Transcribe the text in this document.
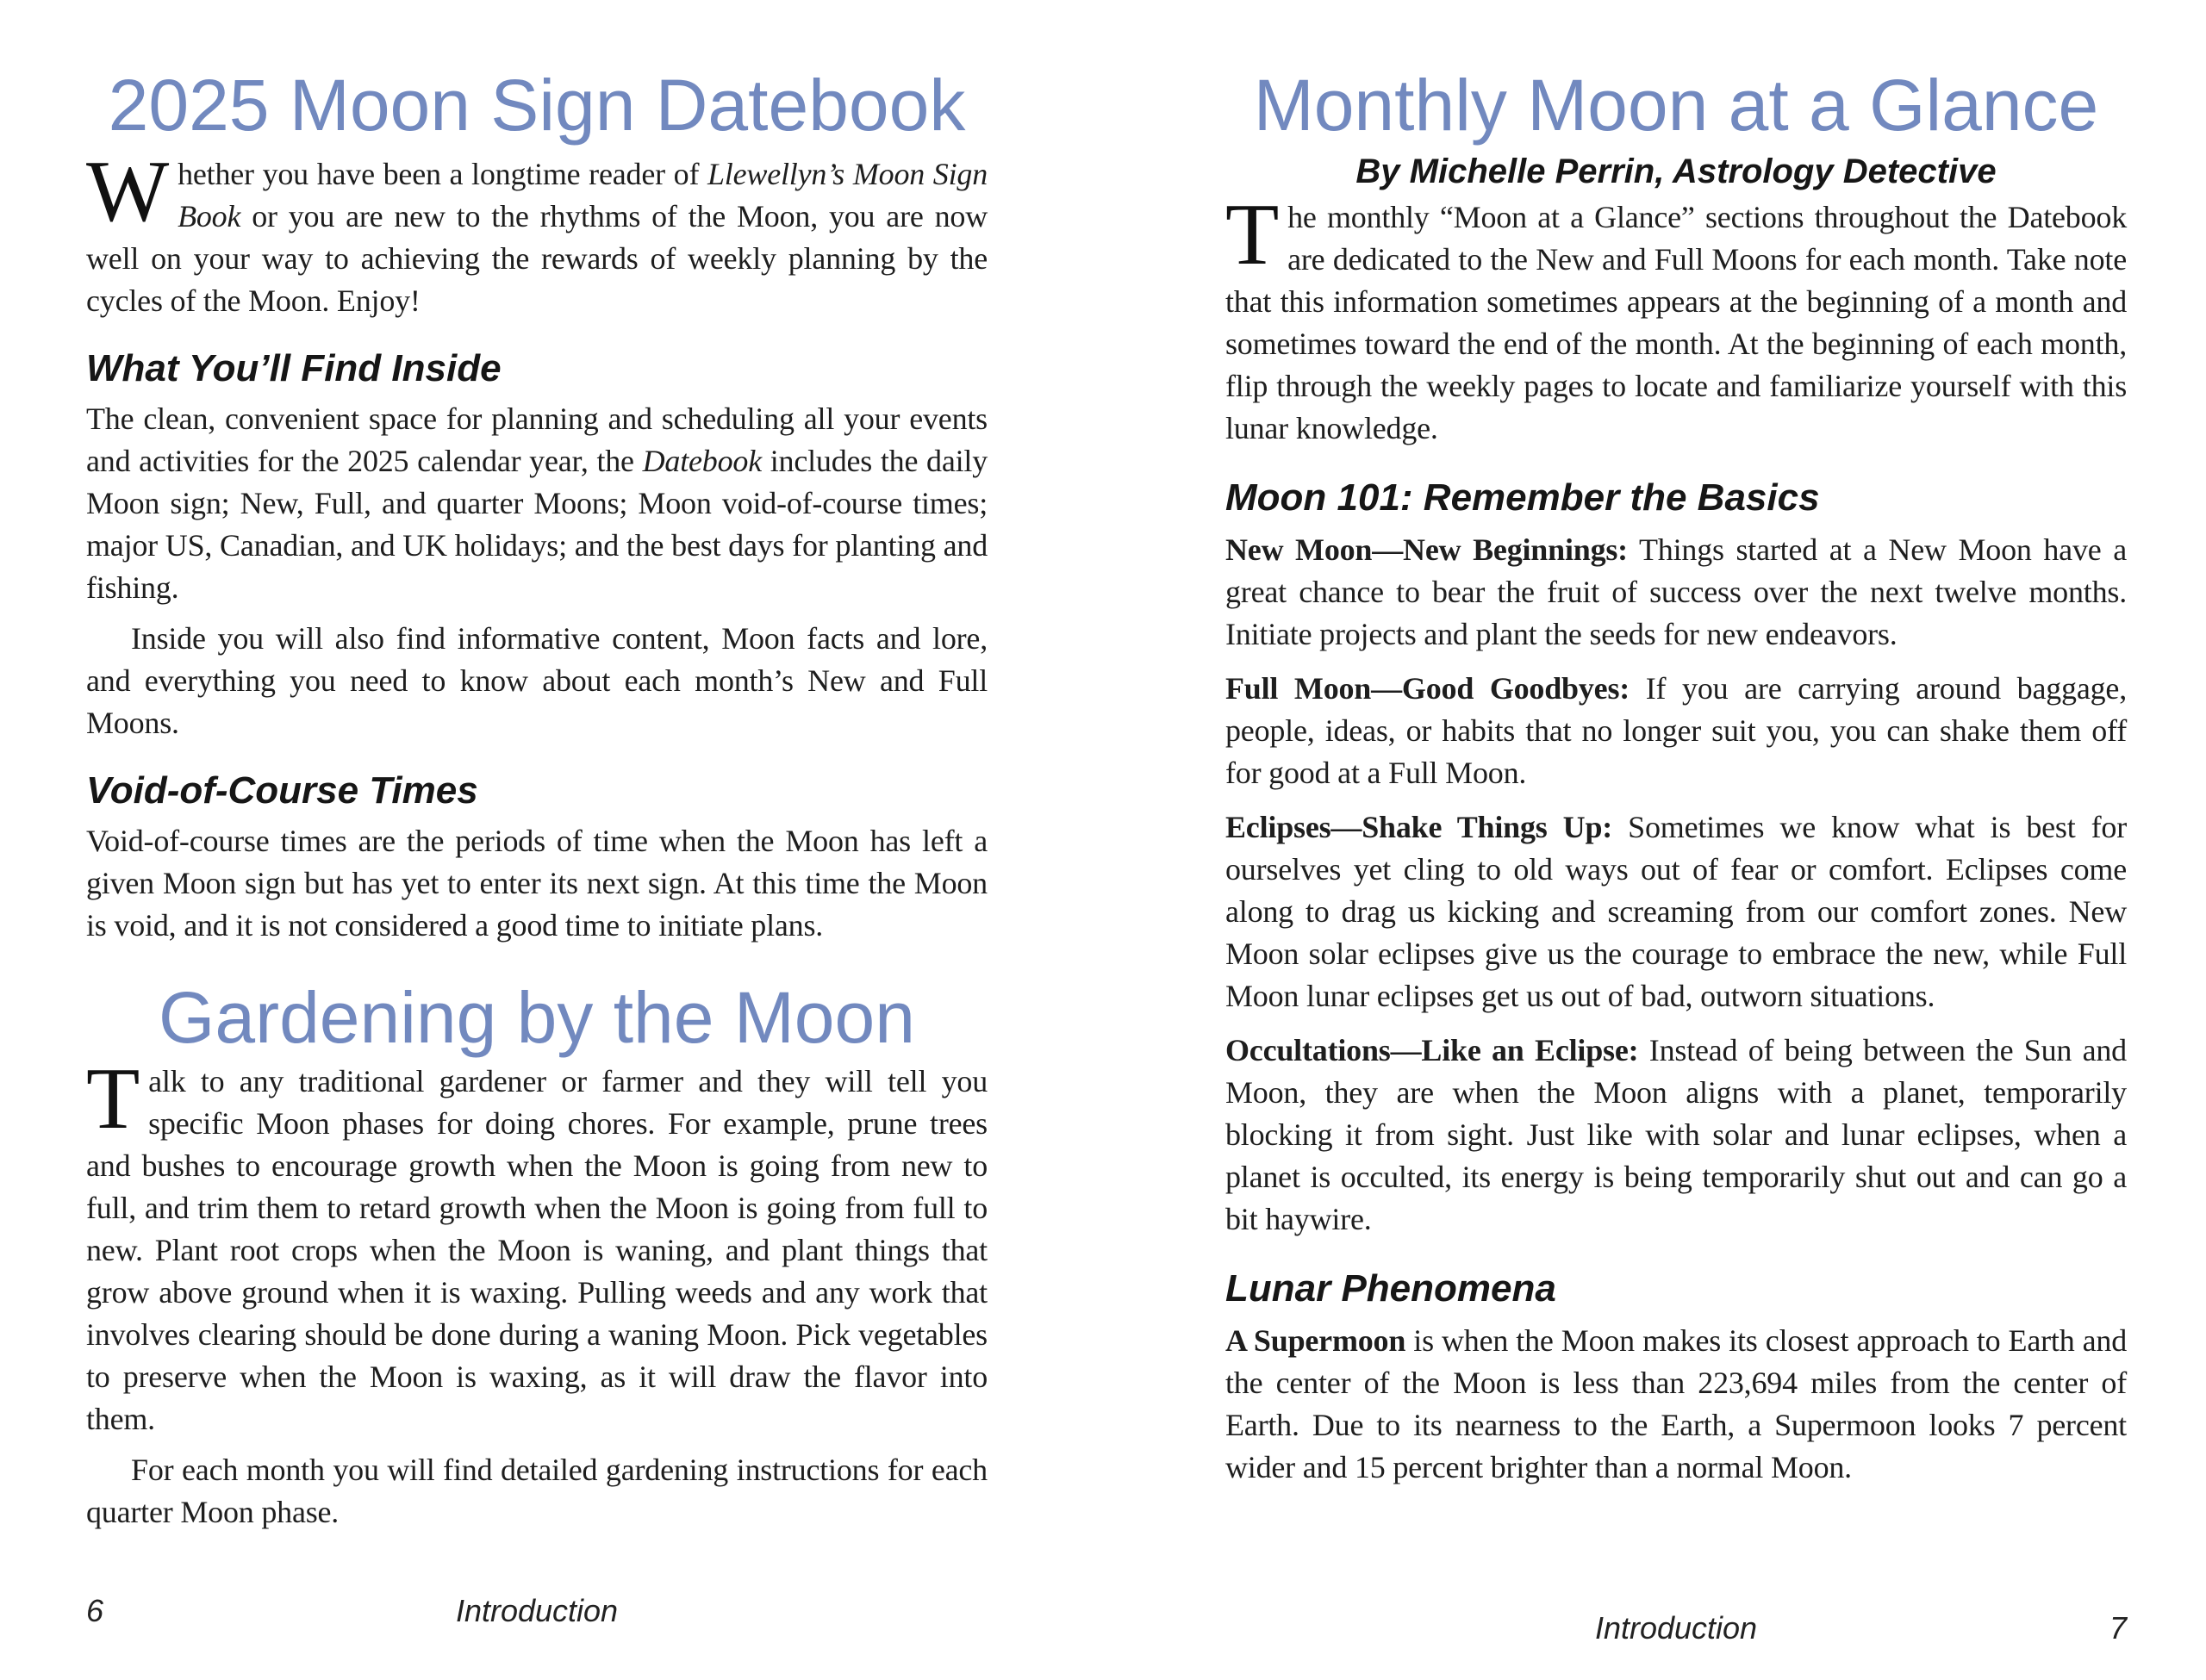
2025 Moon Sign Datebook

Whether you have been a longtime reader of Llewellyn’s Moon Sign Book or you are new to the rhythms of the Moon, you are now well on your way to achieving the rewards of weekly planning by the cycles of the Moon. Enjoy!

What You’ll Find Inside

The clean, convenient space for planning and scheduling all your events and activities for the 2025 calendar year, the Datebook includes the daily Moon sign; New, Full, and quarter Moons; Moon void-of-course times; major US, Canadian, and UK holidays; and the best days for planting and fishing.

Inside you will also find informative content, Moon facts and lore, and everything you need to know about each month’s New and Full Moons.

Void-of-Course Times

Void-of-course times are the periods of time when the Moon has left a given Moon sign but has yet to enter its next sign. At this time the Moon is void, and it is not considered a good time to initiate plans.

Gardening by the Moon

Talk to any traditional gardener or farmer and they will tell you specific Moon phases for doing chores. For example, prune trees and bushes to encourage growth when the Moon is going from new to full, and trim them to retard growth when the Moon is going from full to new. Plant root crops when the Moon is waning, and plant things that grow above ground when it is waxing. Pulling weeds and any work that involves clearing should be done during a waning Moon. Pick vegetables to preserve when the Moon is waxing, as it will draw the flavor into them.

For each month you will find detailed gardening instructions for each quarter Moon phase.

Monthly Moon at a Glance
By Michelle Perrin, Astrology Detective

The monthly “Moon at a Glance” sections throughout the Datebook are dedicated to the New and Full Moons for each month. Take note that this information sometimes appears at the beginning of a month and sometimes toward the end of the month. At the beginning of each month, flip through the weekly pages to locate and familiarize yourself with this lunar knowledge.

Moon 101: Remember the Basics

New Moon—New Beginnings: Things started at a New Moon have a great chance to bear the fruit of success over the next twelve months. Initiate projects and plant the seeds for new endeavors.

Full Moon—Good Goodbyes: If you are carrying around baggage, people, ideas, or habits that no longer suit you, you can shake them off for good at a Full Moon.

Eclipses—Shake Things Up: Sometimes we know what is best for ourselves yet cling to old ways out of fear or comfort. Eclipses come along to drag us kicking and screaming from our comfort zones. New Moon solar eclipses give us the courage to embrace the new, while Full Moon lunar eclipses get us out of bad, outworn situations.

Occultations—Like an Eclipse: Instead of being between the Sun and Moon, they are when the Moon aligns with a planet, temporarily blocking it from sight. Just like with solar and lunar eclipses, when a planet is occulted, its energy is being temporarily shut out and can go a bit haywire.

Lunar Phenomena

A Supermoon is when the Moon makes its closest approach to Earth and the center of the Moon is less than 223,694 miles from the center of Earth. Due to its nearness to the Earth, a Supermoon looks 7 percent wider and 15 percent brighter than a normal Moon.

6	Introduction	Introduction	7
